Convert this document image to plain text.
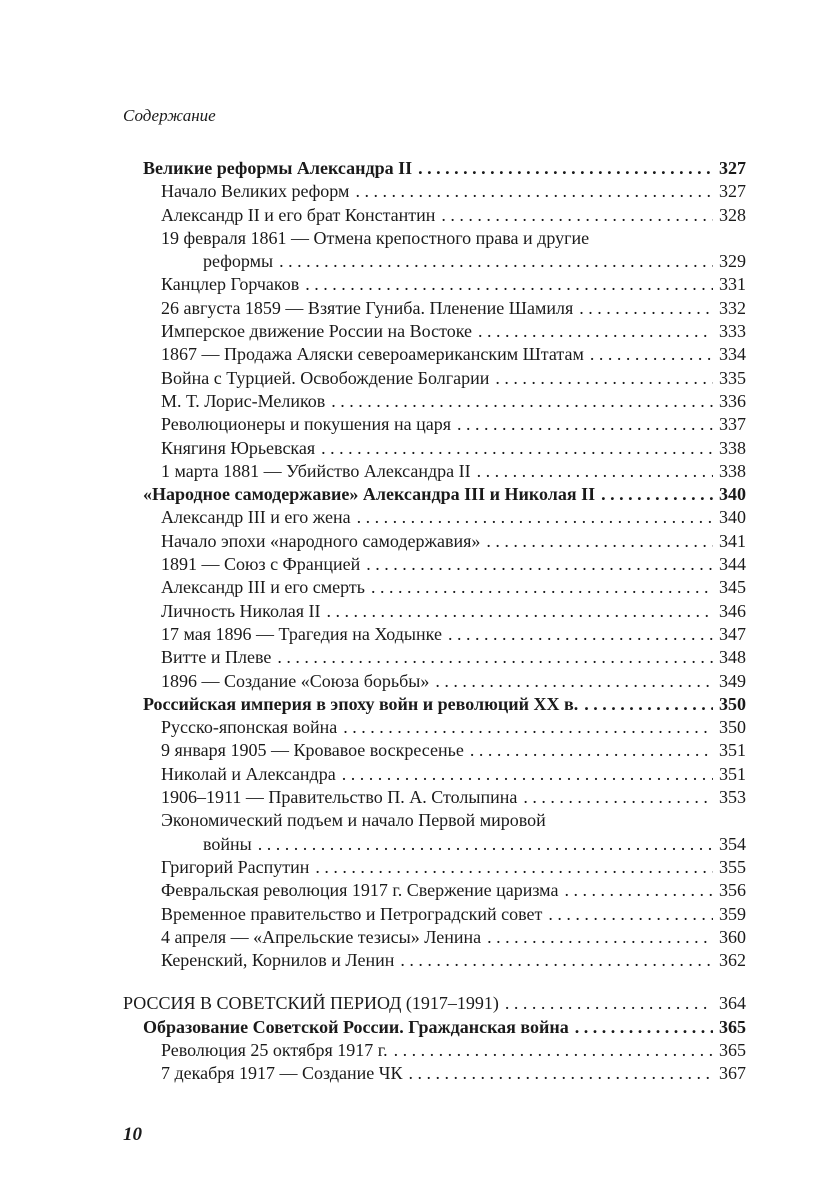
Содержание
Великие реформы Александра II . . .	327
Начало Великих реформ . . .	327
Александр II и его брат Константин . . .	328
19 февраля 1861 — Отмена крепостного права и другие
реформы . . .	329
Канцлер Горчаков . . .	331
26 августа 1859 — Взятие Гуниба. Пленение Шамиля . . .	332
Имперское движение России на Востоке . . .	333
1867 — Продажа Аляски североамериканским Штатам . . .	334
Война с Турцией. Освобождение Болгарии . . .	335
М. Т. Лорис-Меликов . . .	336
Революционеры и покушения на царя . . .	337
Княгиня Юрьевская . . .	338
1 марта 1881 — Убийство Александра II . . .	338
«Народное самодержавие» Александра III и Николая II . . .	340
Александр III и его жена . . .	340
Начало эпохи «народного самодержавия» . . .	341
1891 — Союз с Францией . . .	344
Александр III и его смерть . . .	345
Личность Николая II . . .	346
17 мая 1896 — Трагедия на Ходынке . . .	347
Витте и Плеве . . .	348
1896 — Создание «Союза борьбы» . . .	349
Российская империя в эпоху войн и революций XX в. . . .	350
Русско-японская война . . .	350
9 января 1905 — Кровавое воскресенье . . .	351
Николай и Александра . . .	351
1906–1911 — Правительство П. А. Столыпина . . .	353
Экономический подъем и начало Первой мировой
войны . . .	354
Григорий Распутин . . .	355
Февральская революция 1917 г. Свержение царизма . . .	356
Временное правительство и Петроградский совет . . .	359
4 апреля — «Апрельские тезисы» Ленина . . .	360
Керенский, Корнилов и Ленин . . .	362
РОССИЯ В СОВЕТСКИЙ ПЕРИОД (1917–1991) . . .	364
Образование Советской России. Гражданская война . . .	365
Революция 25 октября 1917 г. . . .	365
7 декабря 1917 — Создание ЧК . . .	367
10
